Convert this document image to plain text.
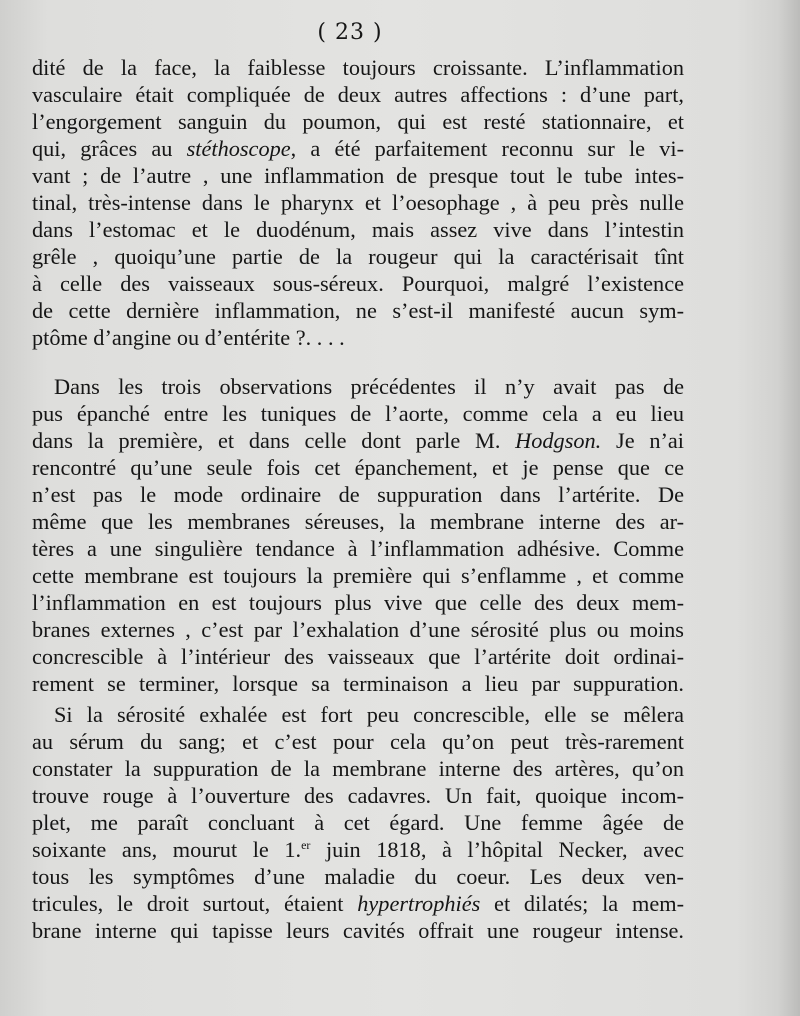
( 23 )
dité de la face, la faiblesse toujours croissante. L’inflammation
vasculaire était compliquée de deux autres affections : d’une part,
l’engorgement sanguin du poumon, qui est resté stationnaire, et
qui, grâces au stéthoscope, a été parfaitement reconnu sur le vi-
vant ; de l’autre , une inflammation de presque tout le tube intes-
tinal, très-intense dans le pharynx et l’oesophage , à peu près nulle
dans l’estomac et le duodénum, mais assez vive dans l’intestin
grêle , quoiqu’une partie de la rougeur qui la caractérisait tînt
à celle des vaisseaux sous-séreux. Pourquoi, malgré l’existence
de cette dernière inflammation, ne s’est-il manifesté aucun sym-
ptôme d’angine ou d’entérite ?. . . .
Dans les trois observations précédentes il n’y avait pas de
pus épanché entre les tuniques de l’aorte, comme cela a eu lieu
dans la première, et dans celle dont parle M. Hodgson. Je n’ai
rencontré qu’une seule fois cet épanchement, et je pense que ce
n’est pas le mode ordinaire de suppuration dans l’artérite. De
même que les membranes séreuses, la membrane interne des ar-
tères a une singulière tendance à l’inflammation adhésive. Comme
cette membrane est toujours la première qui s’enflamme , et comme
l’inflammation en est toujours plus vive que celle des deux mem-
branes externes , c’est par l’exhalation d’une sérosité plus ou moins
concrescible à l’intérieur des vaisseaux que l’artérite doit ordinai-
rement se terminer, lorsque sa terminaison a lieu par suppuration.
Si la sérosité exhalée est fort peu concrescible, elle se mêlera
au sérum du sang; et c’est pour cela qu’on peut très-rarement
constater la suppuration de la membrane interne des artères, qu’on
trouve rouge à l’ouverture des cadavres. Un fait, quoique incom-
plet, me paraît concluant à cet égard. Une femme âgée de
soixante ans, mourut le 1.$^{er}$ juin 1818, à l’hôpital Necker, avec
tous les symptômes d’une maladie du coeur. Les deux ven-
tricules, le droit surtout, étaient hypertrophiés et dilatés; la mem-
brane interne qui tapisse leurs cavités offrait une rougeur intense.
